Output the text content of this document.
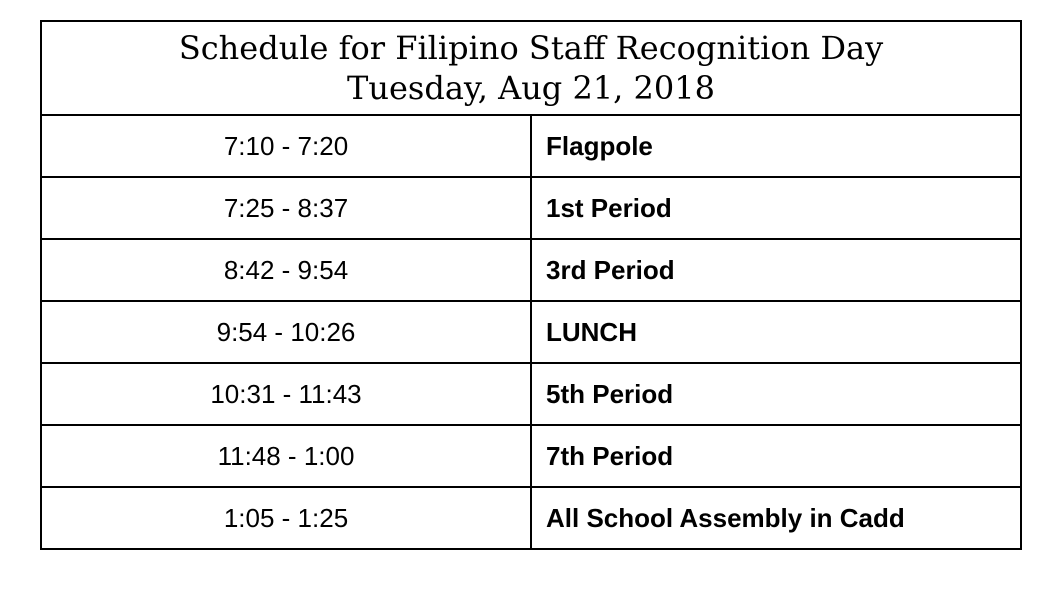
Schedule for Filipino Staff Recognition Day
Tuesday, Aug 21, 2018	

7:10 - 7:20	Flagpole
7:25 - 8:37	1st Period
8:42 - 9:54	3rd Period
9:54 - 10:26	LUNCH
10:31 - 11:43	5th Period
11:48 - 1:00	7th Period
1:05 - 1:25	All School Assembly in Cadd
